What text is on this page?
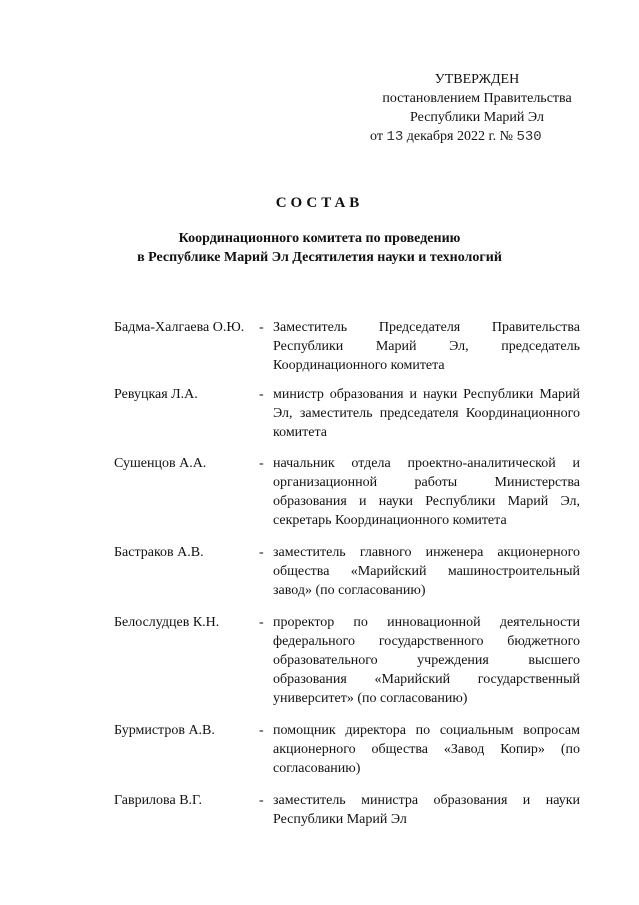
УТВЕРЖДЕН
постановлением Правительства
Республики Марий Эл
от 13 декабря 2022 г. № 530
СОСТАВ
Координационного комитета по проведению
в Республике Марий Эл Десятилетия науки и технологий
Бадма-Халгаева О.Ю.	- Заместитель Председателя Правительства Республики Марий Эл, председатель Координационного комитета
Ревуцкая Л.А.	- министр образования и науки Республики Марий Эл, заместитель председателя Координационного комитета
Сушенцов А.А.	- начальник отдела проектно-аналитической и организационной работы Министерства образования и науки Республики Марий Эл, секретарь Координационного комитета
Бастраков А.В.	- заместитель главного инженера акционерного общества «Марийский машиностроительный завод» (по согласованию)
Белослудцев К.Н.	- проректор по инновационной деятельности федерального государственного бюджетного образовательного учреждения высшего образования «Марийский государственный университет» (по согласованию)
Бурмистров А.В.	- помощник директора по социальным вопросам акционерного общества «Завод Копир» (по согласованию)
Гаврилова В.Г.	- заместитель министра образования и науки Республики Марий Эл
